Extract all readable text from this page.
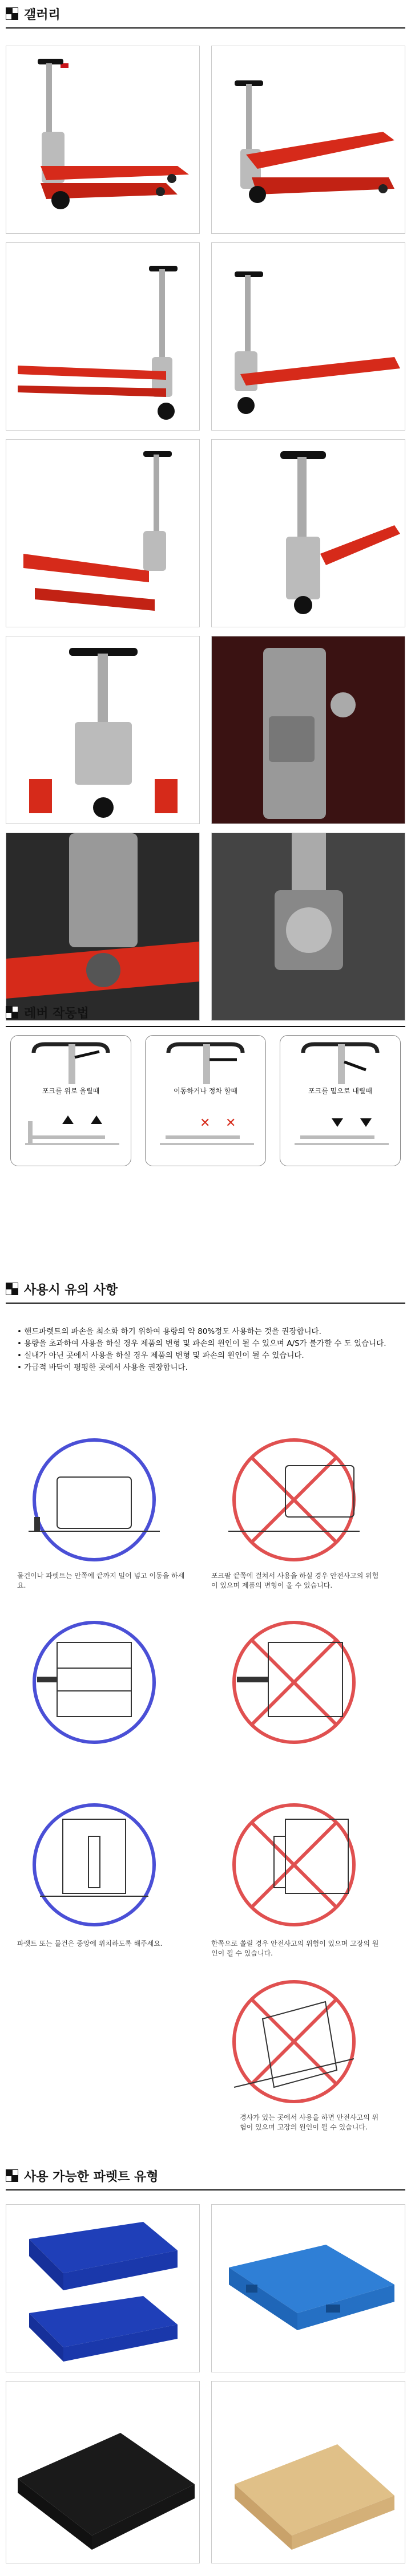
갤러리
레버 작동법
포크를 위로 올릴때
✕ ✕
이동하거나 정차 할때	포크를 밑으로 내릴때
사용시 유의 사항
• 핸드파렛트의 파손을 최소화 하기 위하여 용량의 약 80%정도 사용하는 것을 권장합니다.
• 용량을 초과하여 사용을 하실 경우 제품의 변형 및 파손의 원인이 될 수 있으며 A/S가 불가할 수 도 있습니다.
• 실내가 아닌 곳에서 사용을 하실 경우 제품의 변형 및 파손의 원인이 될 수 있습니다.
• 가급적 바닥이 평평한 곳에서 사용을 권장합니다.
물건이나 파렛트는 안쪽에 끝까지 밀어 넣고 이동을 하세요.
포크팔 끝쪽에 걸쳐서 사용을 하실 경우 안전사고의 위험이 있으며 제품의 변형이 올 수 있습니다.
파렛트 또는 물건은 중앙에 위치하도록 해주세요.	한쪽으로 쏠릴 경우 안전사고의 위험이 있으며 고장의 원인이 될 수 있습니다.
경사가 있는 곳에서 사용을 하면 안전사고의 위험이 있으며 고장의 원인이 될 수 있습니다.
사용 가능한 파렛트 유형
